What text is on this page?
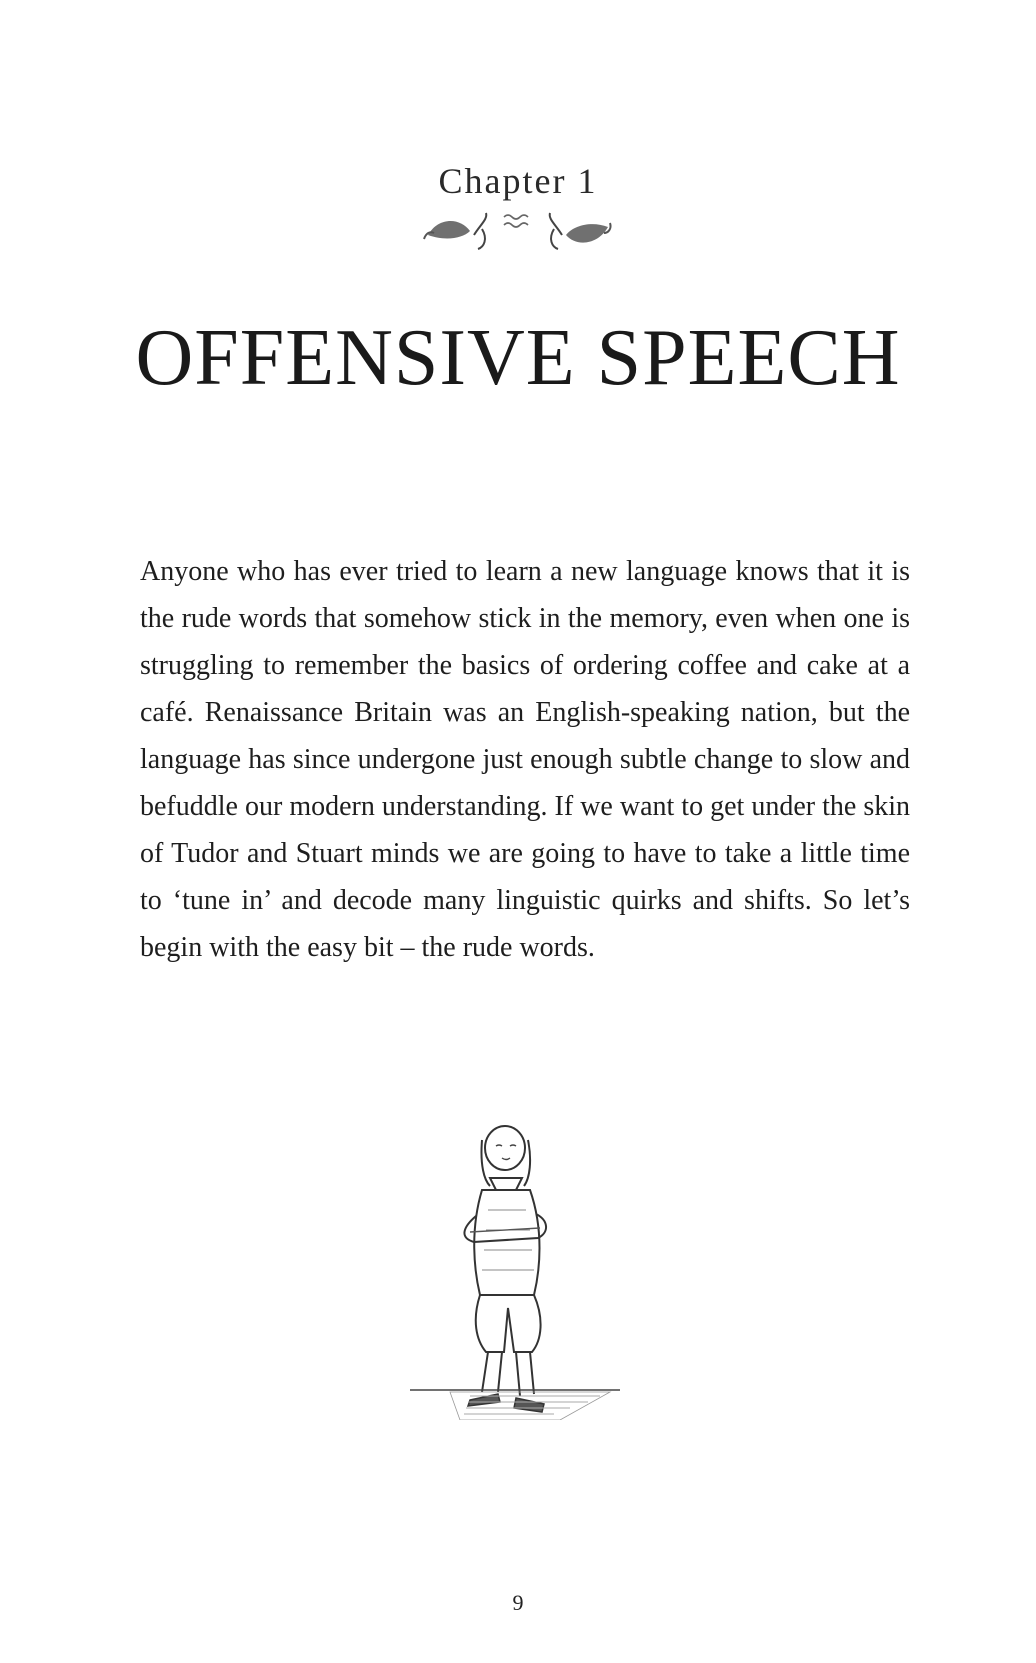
Chapter 1
OFFENSIVE SPEECH

Anyone who has ever tried to learn a new language knows that it is the rude words that somehow stick in the memory, even when one is struggling to remember the basics of ordering coffee and cake at a café. Renaissance Britain was an English-speaking nation, but the language has since undergone just enough subtle change to slow and befuddle our modern understanding. If we want to get under the skin of Tudor and Stuart minds we are going to have to take a little time to ‘tune in’ and decode many linguistic quirks and shifts. So let’s begin with the easy bit – the rude words.

9
